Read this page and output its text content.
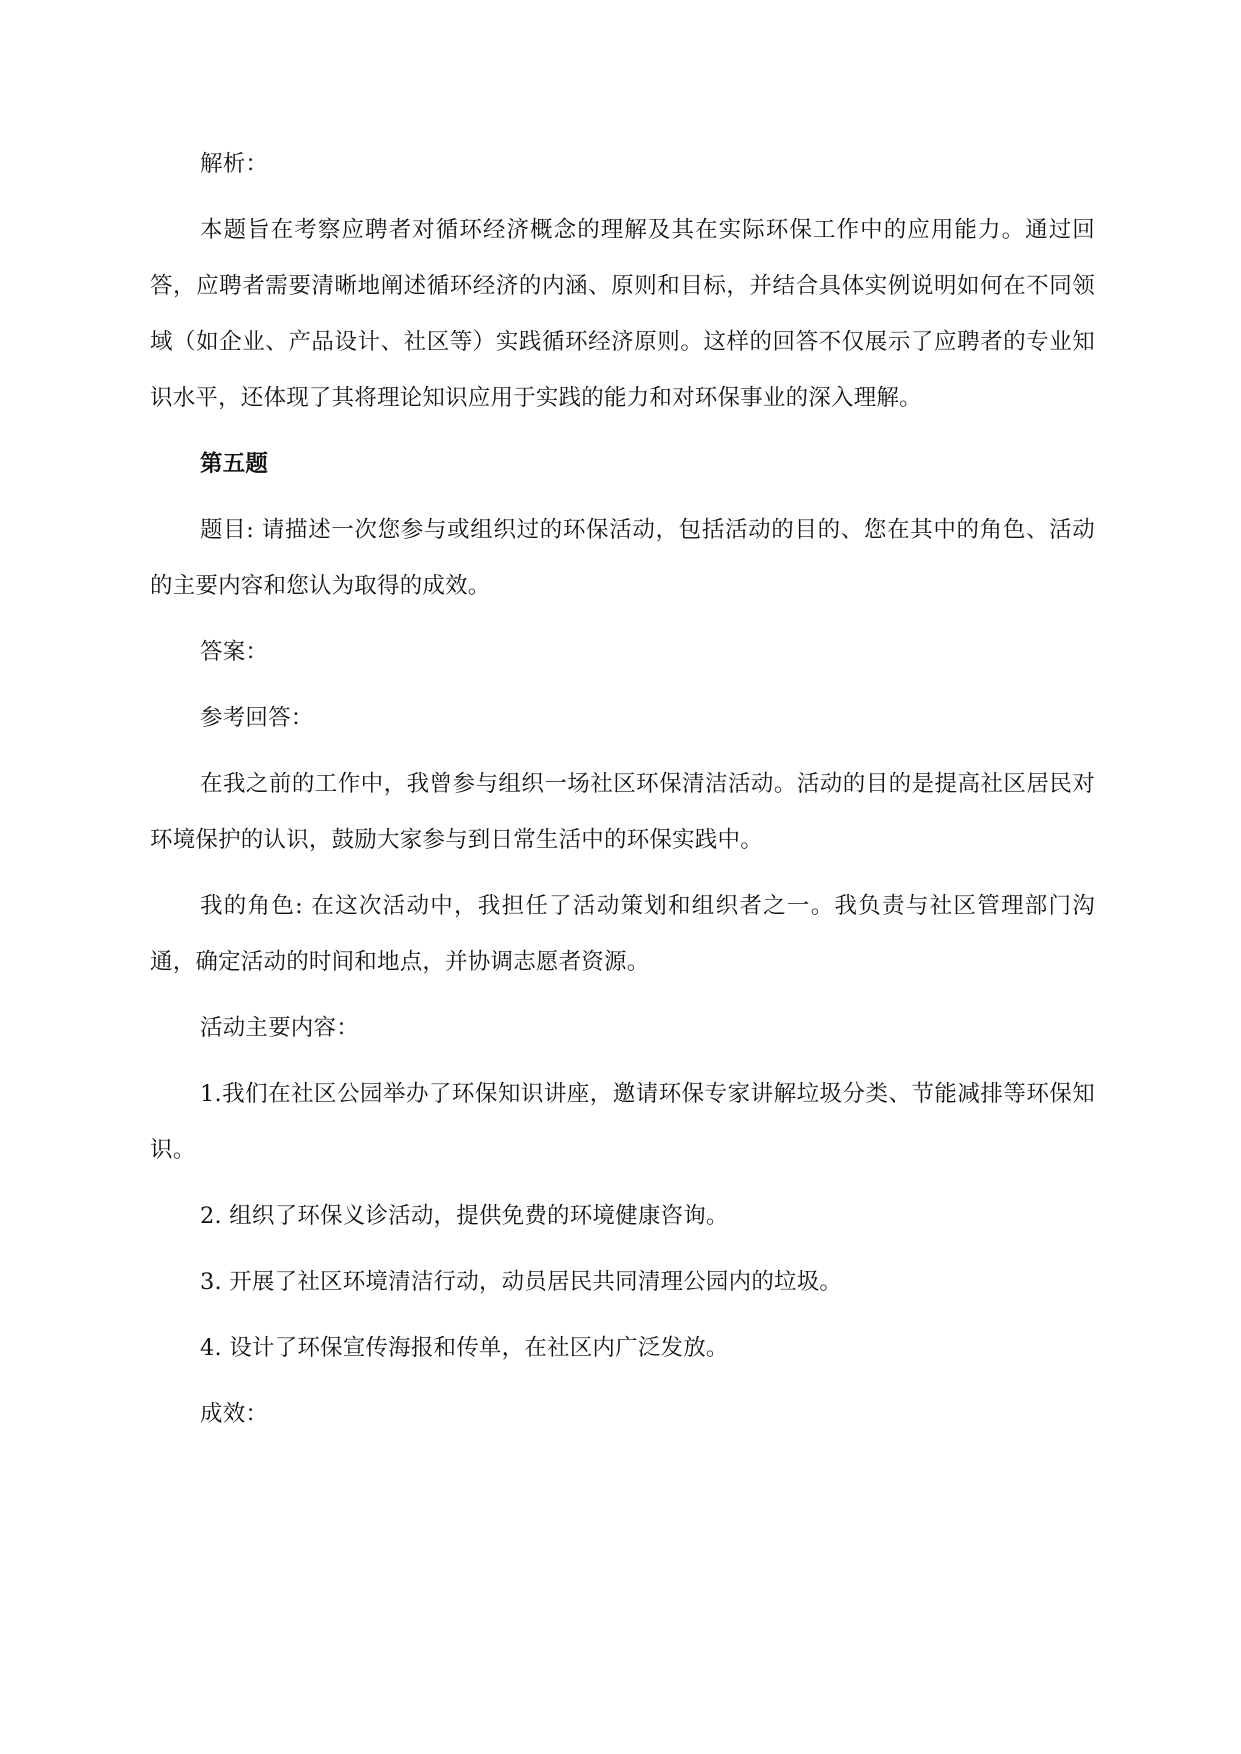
解析：

本题旨在考察应聘者对循环经济概念的理解及其在实际环保工作中的应用能力。通过回答，应聘者需要清晰地阐述循环经济的内涵、原则和目标，并结合具体实例说明如何在不同领域（如企业、产品设计、社区等）实践循环经济原则。这样的回答不仅展示了应聘者的专业知识水平，还体现了其将理论知识应用于实践的能力和对环保事业的深入理解。

第五题

题目: 请描述一次您参与或组织过的环保活动，包括活动的目的、您在其中的角色、活动的主要内容和您认为取得的成效。

答案：

参考回答：

在我之前的工作中，我曾参与组织一场社区环保清洁活动。活动的目的是提高社区居民对环境保护的认识，鼓励大家参与到日常生活中的环保实践中。

我的角色: 在这次活动中，我担任了活动策划和组织者之一。我负责与社区管理部门沟通，确定活动的时间和地点，并协调志愿者资源。

活动主要内容：

1.我们在社区公园举办了环保知识讲座，邀请环保专家讲解垃圾分类、节能减排等环保知识。

2. 组织了环保义诊活动，提供免费的环境健康咨询。

3. 开展了社区环境清洁行动，动员居民共同清理公园内的垃圾。

4. 设计了环保宣传海报和传单，在社区内广泛发放。

成效：
